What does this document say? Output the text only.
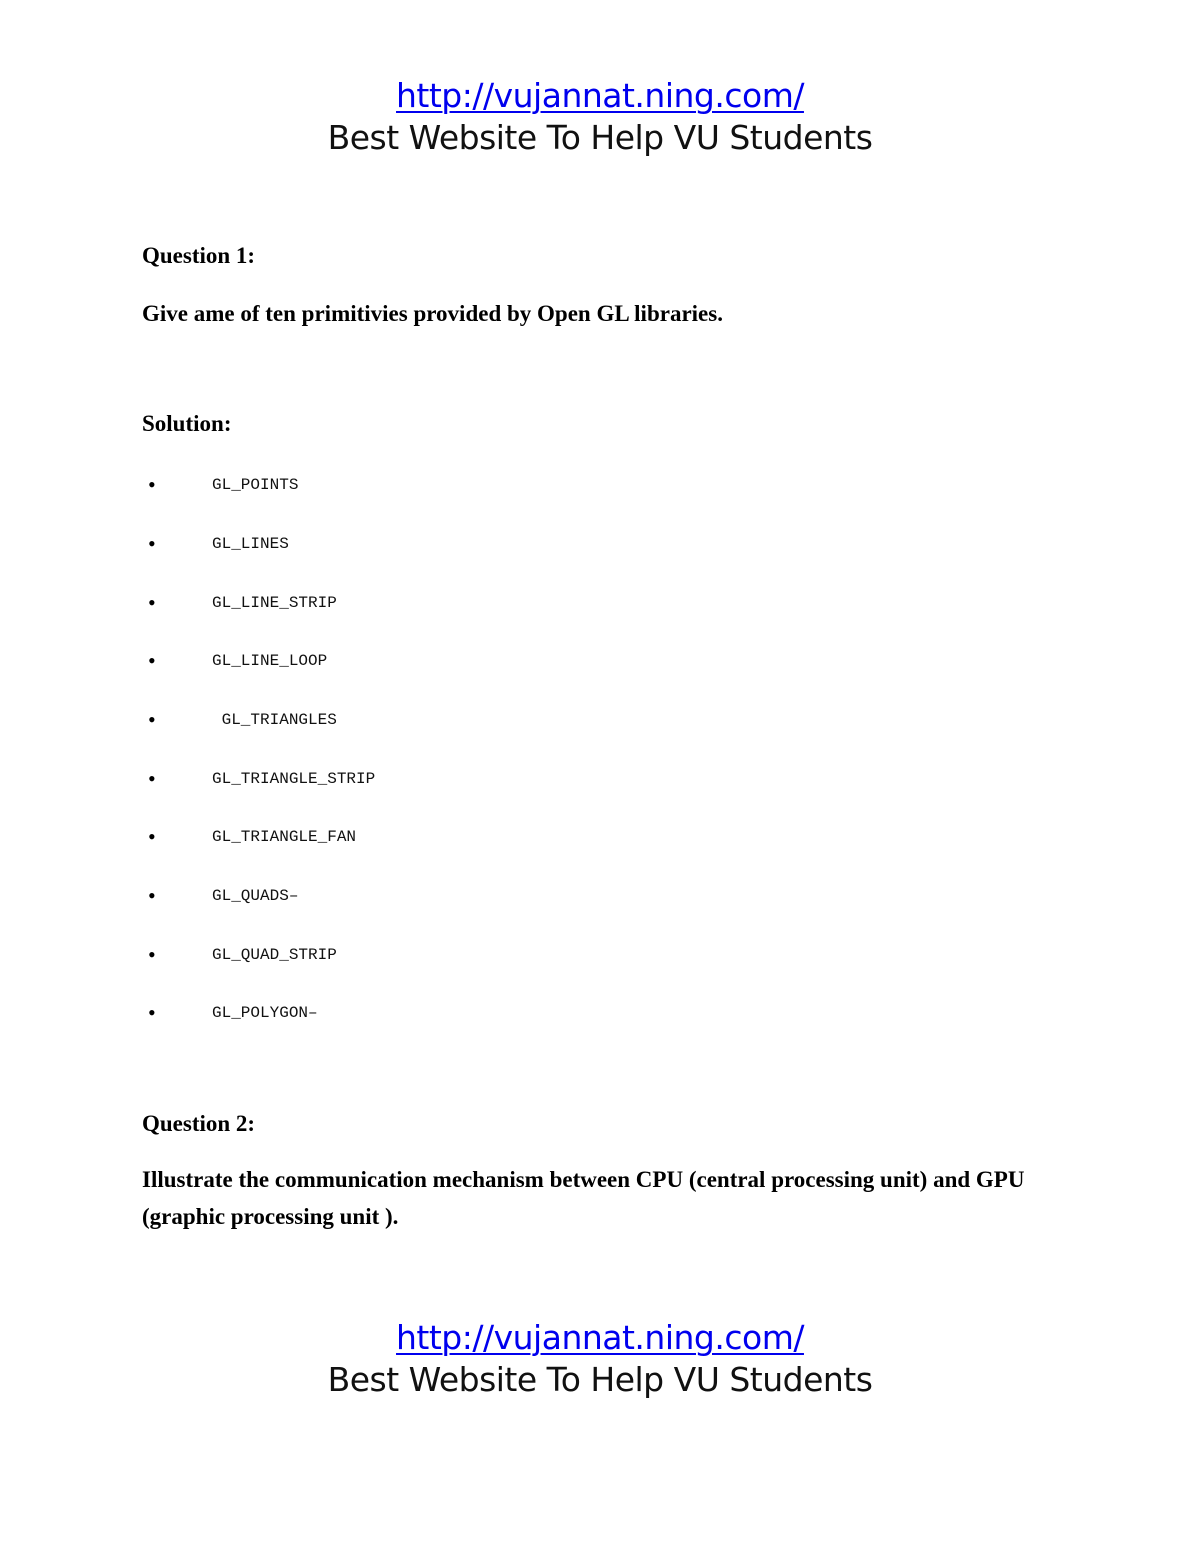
http://vujannat.ning.com/
Best Website To Help VU Students
Question 1:
Give ame of ten primitivies provided by Open GL libraries.
Solution:
•	GL_POINTS
•	GL_LINES
•	GL_LINE_STRIP
•	GL_LINE_LOOP
•	GL_TRIANGLES
•	GL_TRIANGLE_STRIP
•	GL_TRIANGLE_FAN
•	GL_QUADS–
•	GL_QUAD_STRIP
•	GL_POLYGON–
Question 2:
Illustrate the communication mechanism between CPU (central processing unit) and GPU (graphic processing unit ).
http://vujannat.ning.com/
Best Website To Help VU Students
